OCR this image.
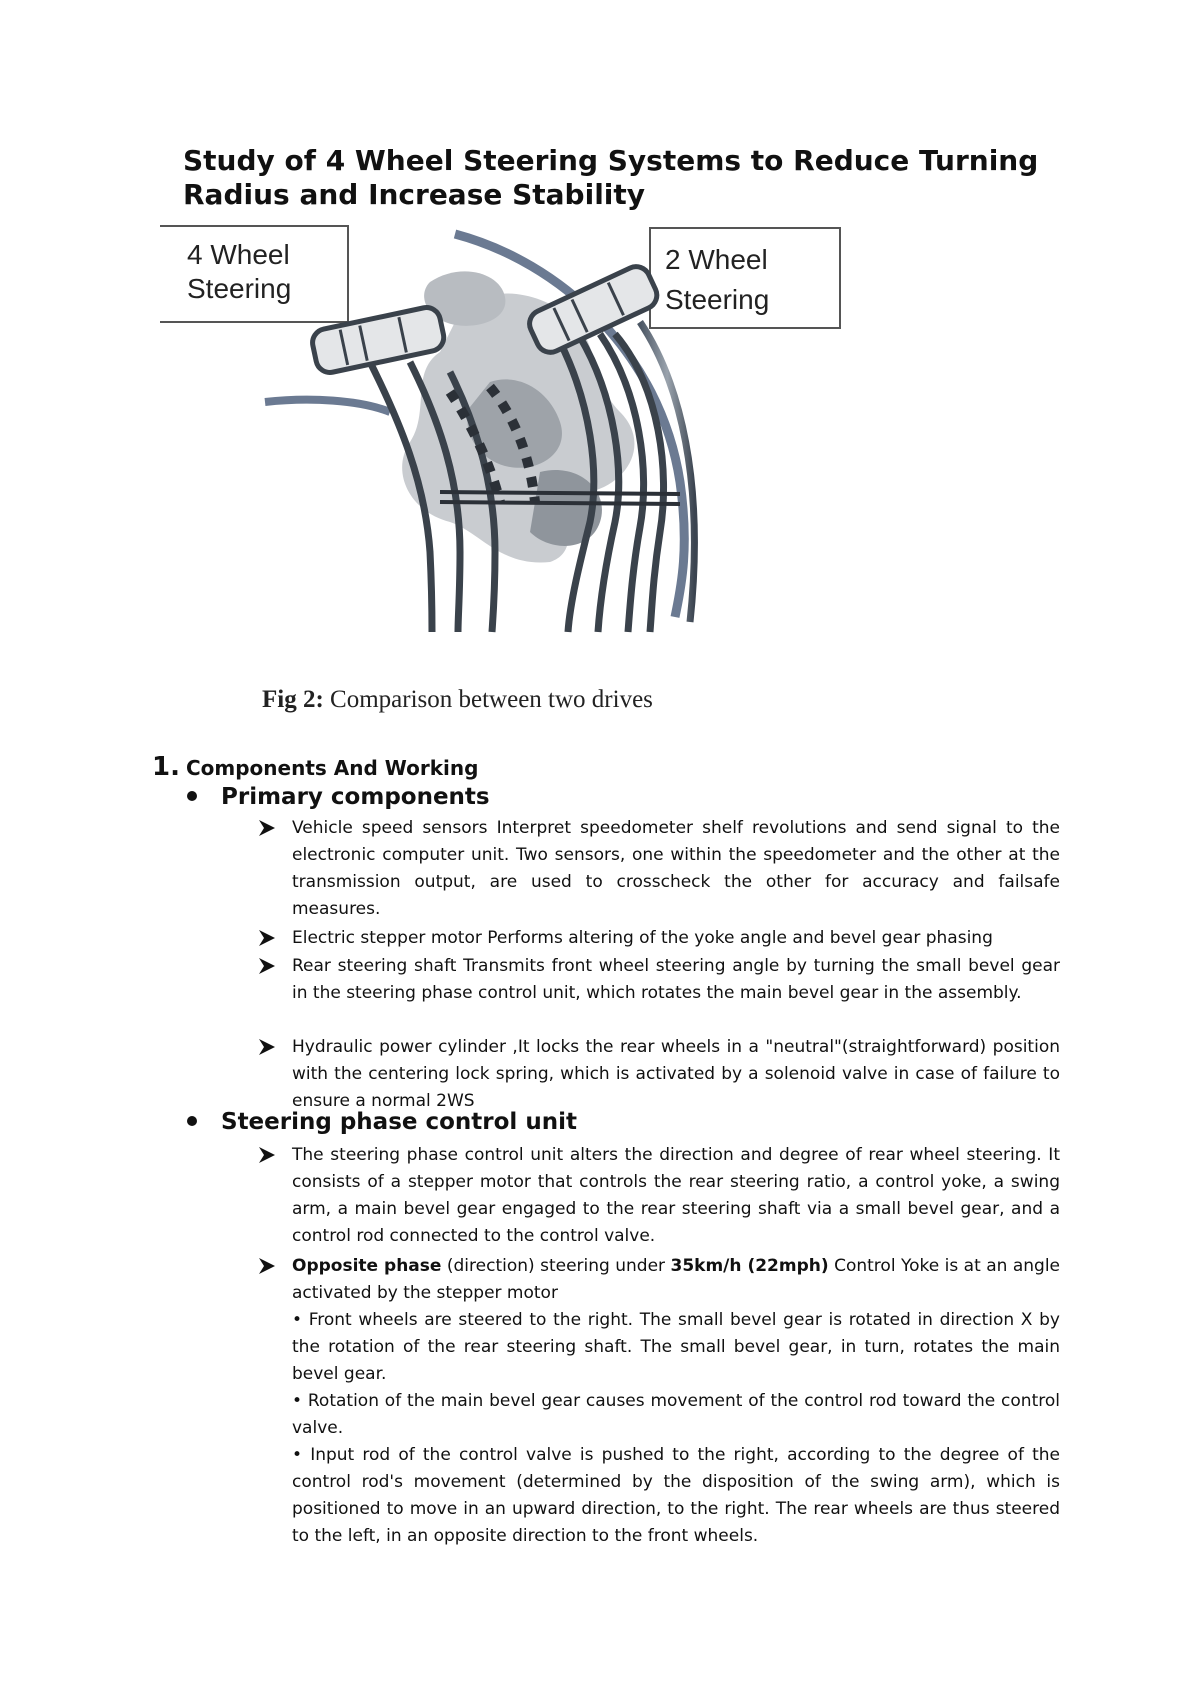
Study of 4 Wheel Steering Systems to Reduce Turning Radius and Increase Stability
4 Wheel
Steering
2 Wheel
Steering
Fig 2: Comparison between two drives
1. Components And Working
Primary components

Vehicle speed sensors Interpret speedometer shelf revolutions and send signal to the electronic computer unit. Two sensors, one within the speedometer and the other at the transmission output, are used to crosscheck the other for accuracy and failsafe measures.

Electric stepper motor Performs altering of the yoke angle and bevel gear phasing

Rear steering shaft Transmits front wheel steering angle by turning the small bevel gear in the steering phase control unit, which rotates the main bevel gear in the assembly.

Hydraulic power cylinder ,It locks the rear wheels in a "neutral"(straightforward) position with the centering lock spring, which is activated by a solenoid valve in case of failure to ensure a normal 2WS

Steering phase control unit

The steering phase control unit alters the direction and degree of rear wheel steering. It consists of a stepper motor that controls the rear steering ratio, a control yoke, a swing arm, a main bevel gear engaged to the rear steering shaft via a small bevel gear, and a control rod connected to the control valve.

Opposite phase (direction) steering under 35km/h (22mph) Control Yoke is at an angle activated by the stepper motor

• Front wheels are steered to the right. The small bevel gear is rotated in direction X by the rotation of the rear steering shaft. The small bevel gear, in turn, rotates the main bevel gear.

• Rotation of the main bevel gear causes movement of the control rod toward the control valve.

• Input rod of the control valve is pushed to the right, according to the degree of the control rod's movement (determined by the disposition of the swing arm), which is positioned to move in an upward direction, to the right. The rear wheels are thus steered to the left, in an opposite direction to the front wheels.
